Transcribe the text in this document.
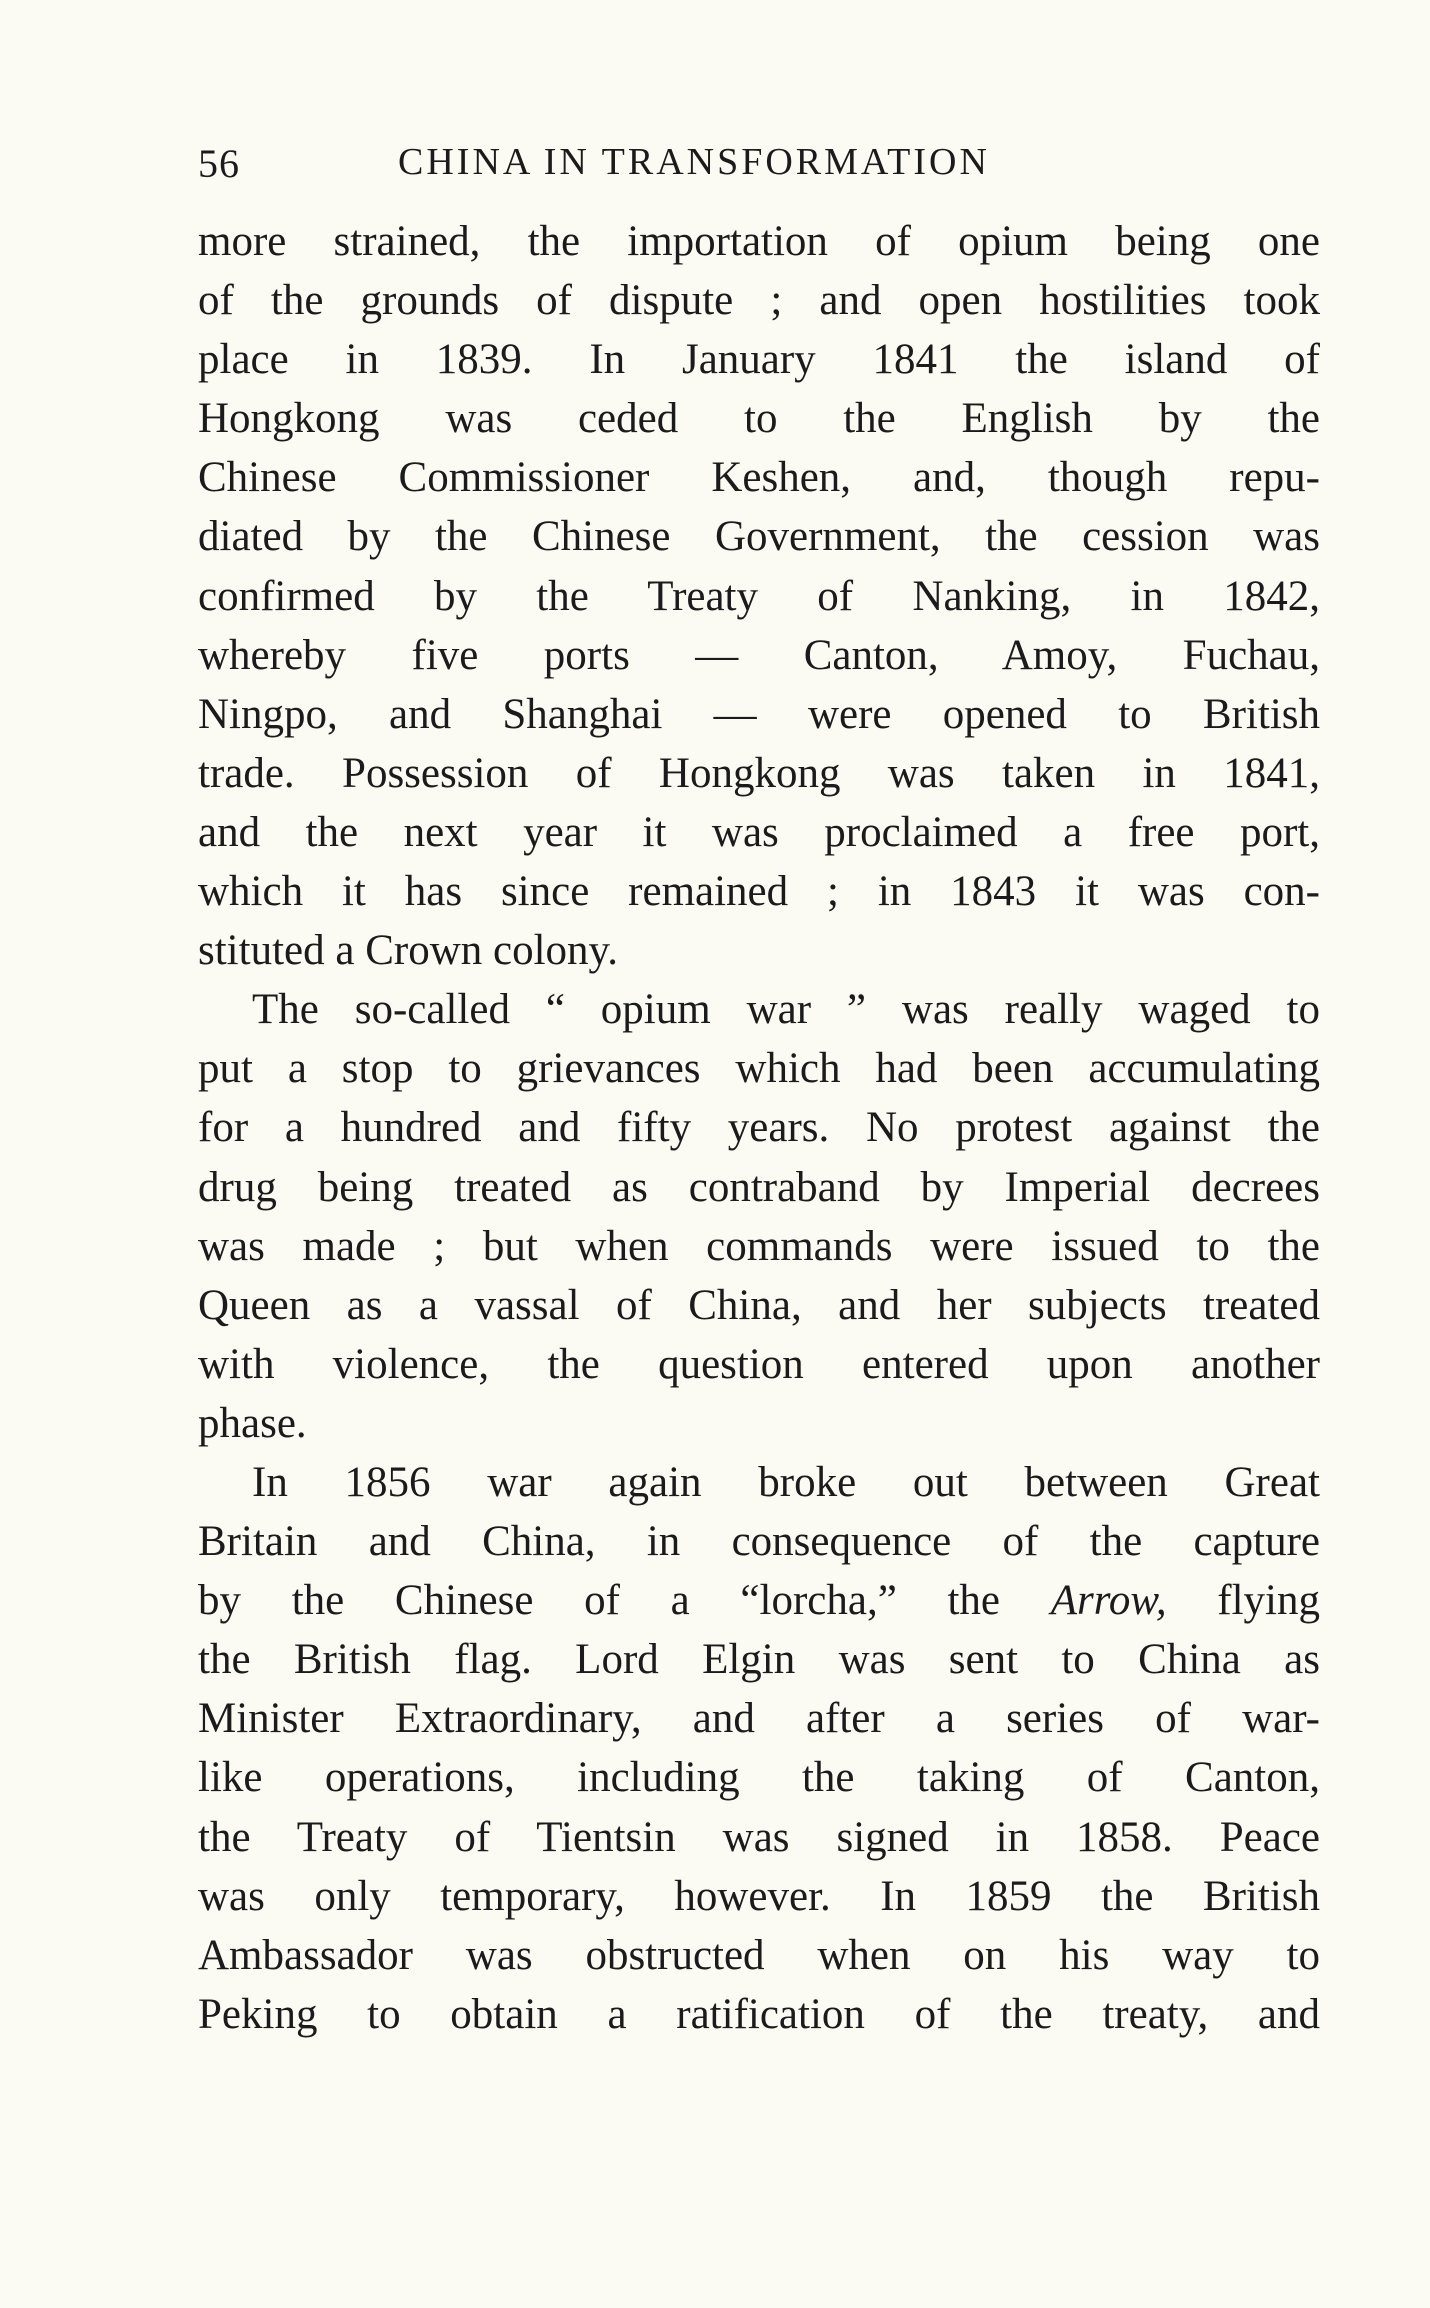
56	CHINA IN TRANSFORMATION
more strained, the importation of opium being one
of the grounds of dispute ; and open hostilities took
place in 1839. In January 1841 the island of
Hongkong was ceded to the English by the
Chinese Commissioner Keshen, and, though repu-
diated by the Chinese Government, the cession was
confirmed by the Treaty of Nanking, in 1842,
whereby five ports — Canton, Amoy, Fuchau,
Ningpo, and Shanghai — were opened to British
trade. Possession of Hongkong was taken in 1841,
and the next year it was proclaimed a free port,
which it has since remained ; in 1843 it was con-
stituted a Crown colony.
The so-called “ opium war ” was really waged to
put a stop to grievances which had been accumulating
for a hundred and fifty years. No protest against the
drug being treated as contraband by Imperial decrees
was made ; but when commands were issued to the
Queen as a vassal of China, and her subjects treated
with violence, the question entered upon another
phase.
In 1856 war again broke out between Great
Britain and China, in consequence of the capture
by the Chinese of a “lorcha,” the Arrow, flying
the British flag. Lord Elgin was sent to China as
Minister Extraordinary, and after a series of war-
like operations, including the taking of Canton,
the Treaty of Tientsin was signed in 1858. Peace
was only temporary, however. In 1859 the British
Ambassador was obstructed when on his way to
Peking to obtain a ratification of the treaty, and
